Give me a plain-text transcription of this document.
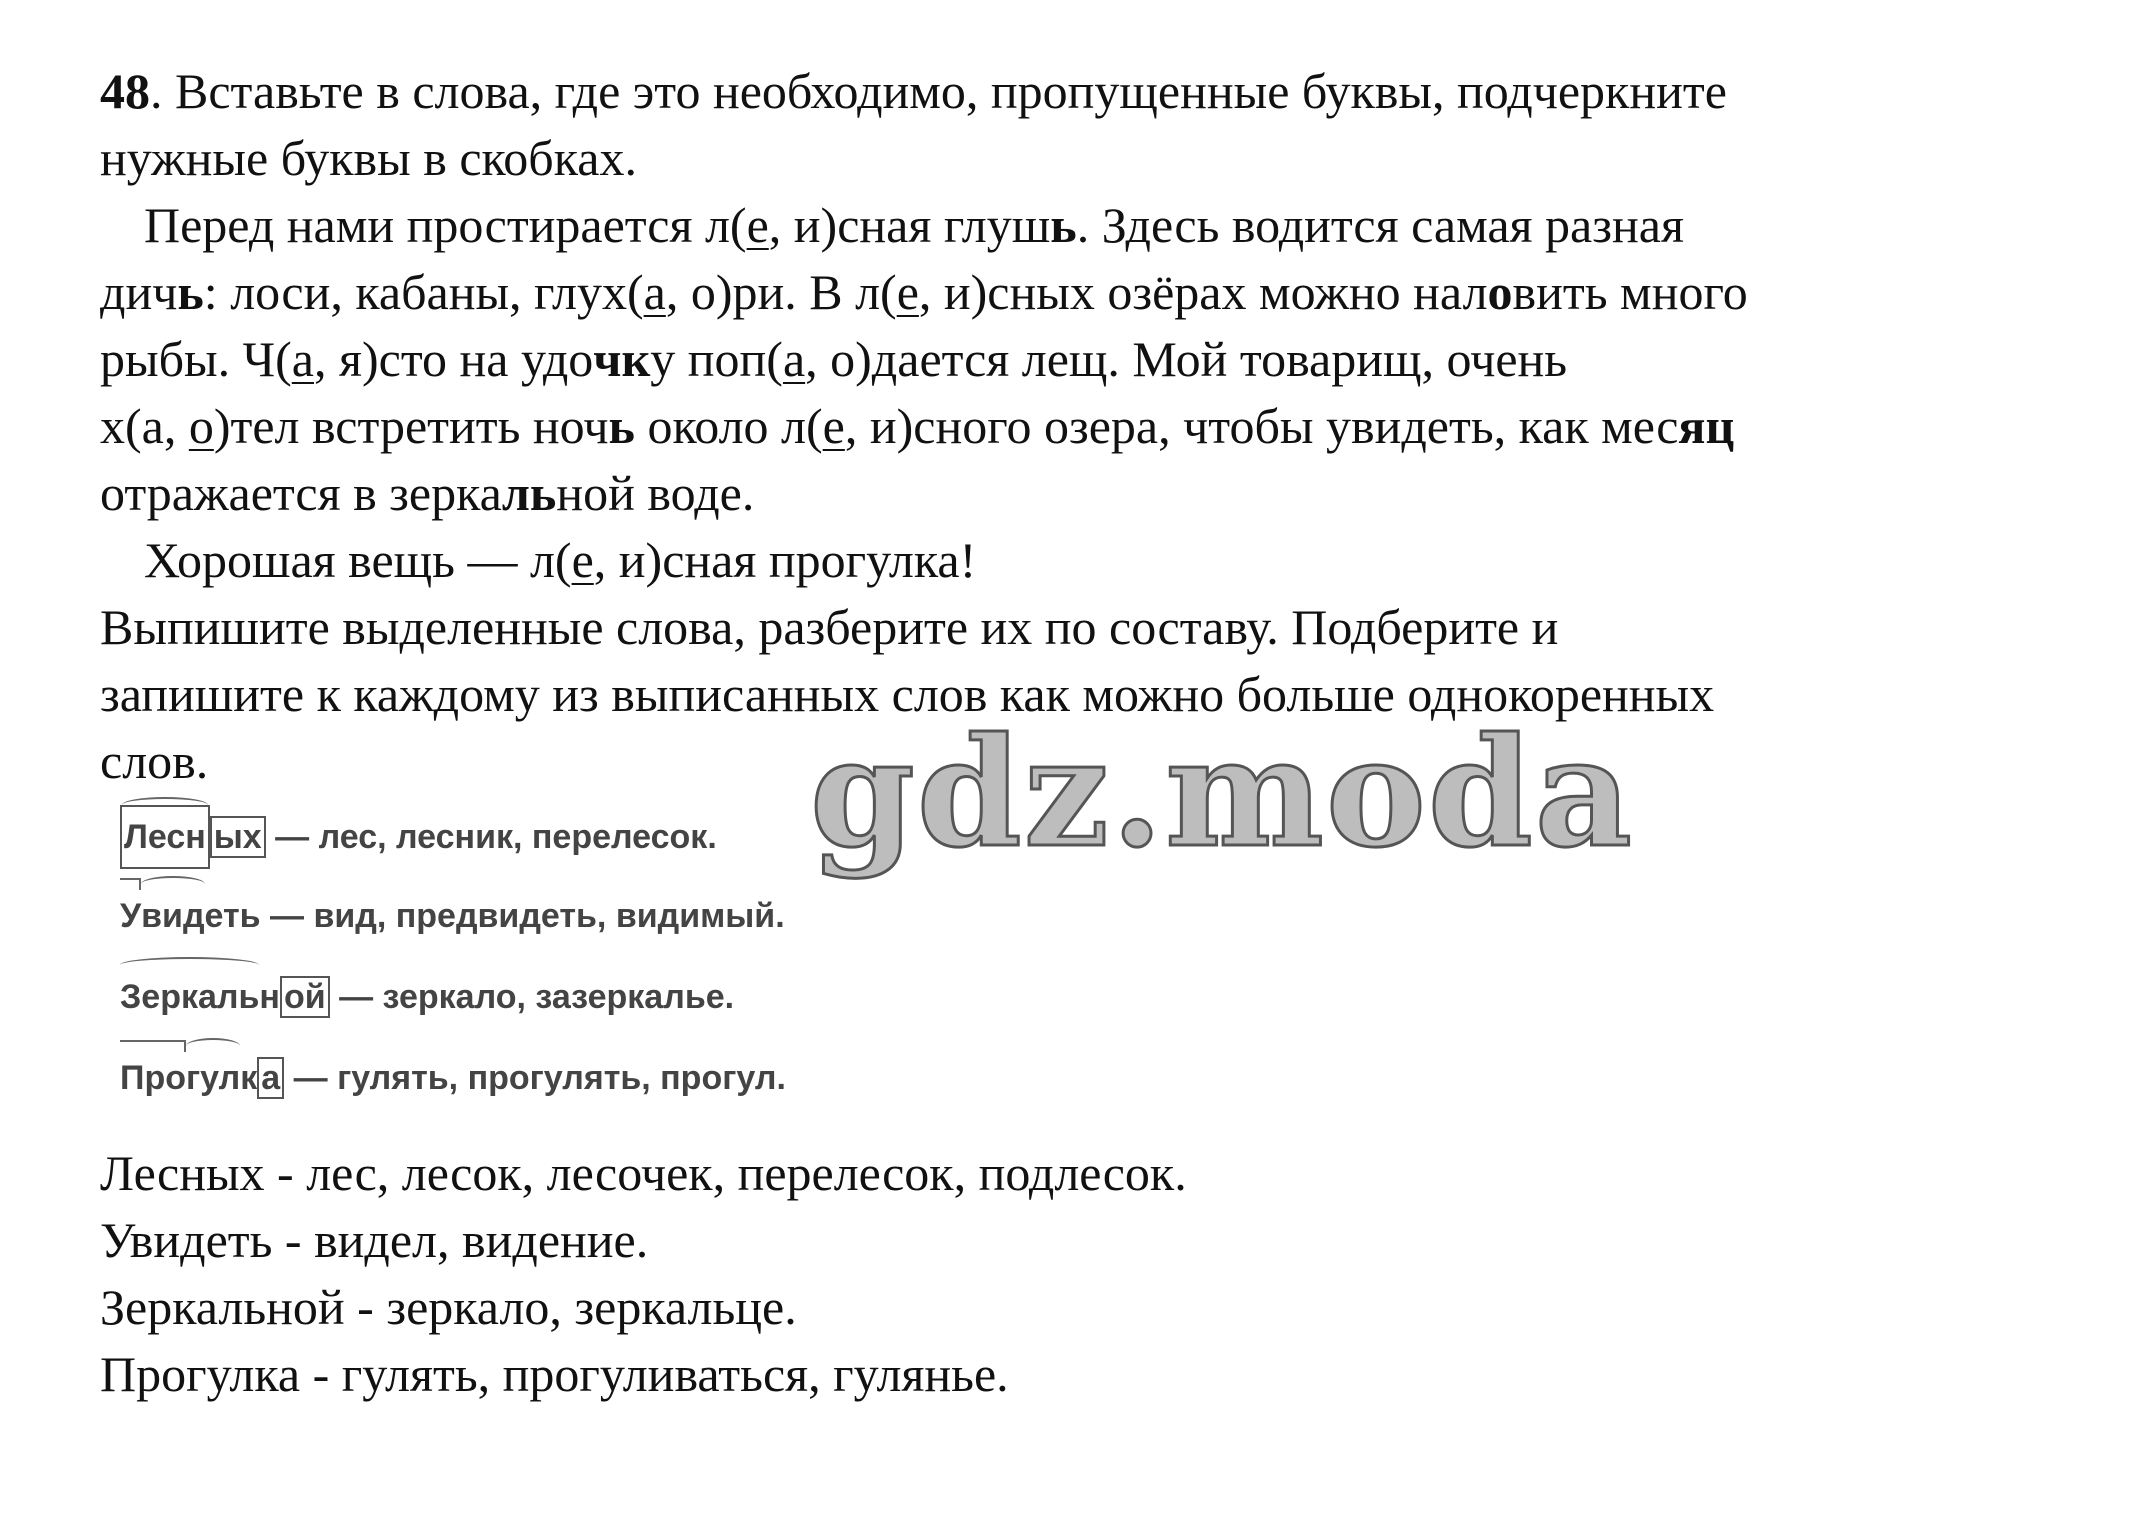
48. Вставьте в слова, где это необходимо, пропущенные буквы, подчеркните

нужные буквы в скобках.

Перед нами простирается л(е, и)сная глушь. Здесь водится самая разная

дичь: лоси, кабаны, глух(а, о)ри. В л(е, и)сных озёрах можно наловить много

рыбы. Ч(а, я)сто на удочку поп(а, о)дается лещ. Мой товарищ, очень

х(а, о)тел встретить ночь около л(е, и)сного озера, чтобы увидеть, как месяц

отражается в зеркальной воде.

Хорошая вещь — л(е, и)сная прогулка!

Выпишите выделенные слова, разберите их по составу. Подберите и

запишите к каждому из выписанных слов как можно больше однокоренных

слов.

Лесн ых — лес, лесник, перелесок.
Увидеть — вид, предвидеть, видимый.
Зеркальн ой — зеркало, зазеркалье.
Прогулк а — гулять, прогулять, прогул.
gdz.moda

Лесных - лес, лесок, лесочек, перелесок, подлесок.

Увидеть - видел, видение.

Зеркальной - зеркало, зеркальце.

Прогулка - гулять, прогуливаться, гулянье.
